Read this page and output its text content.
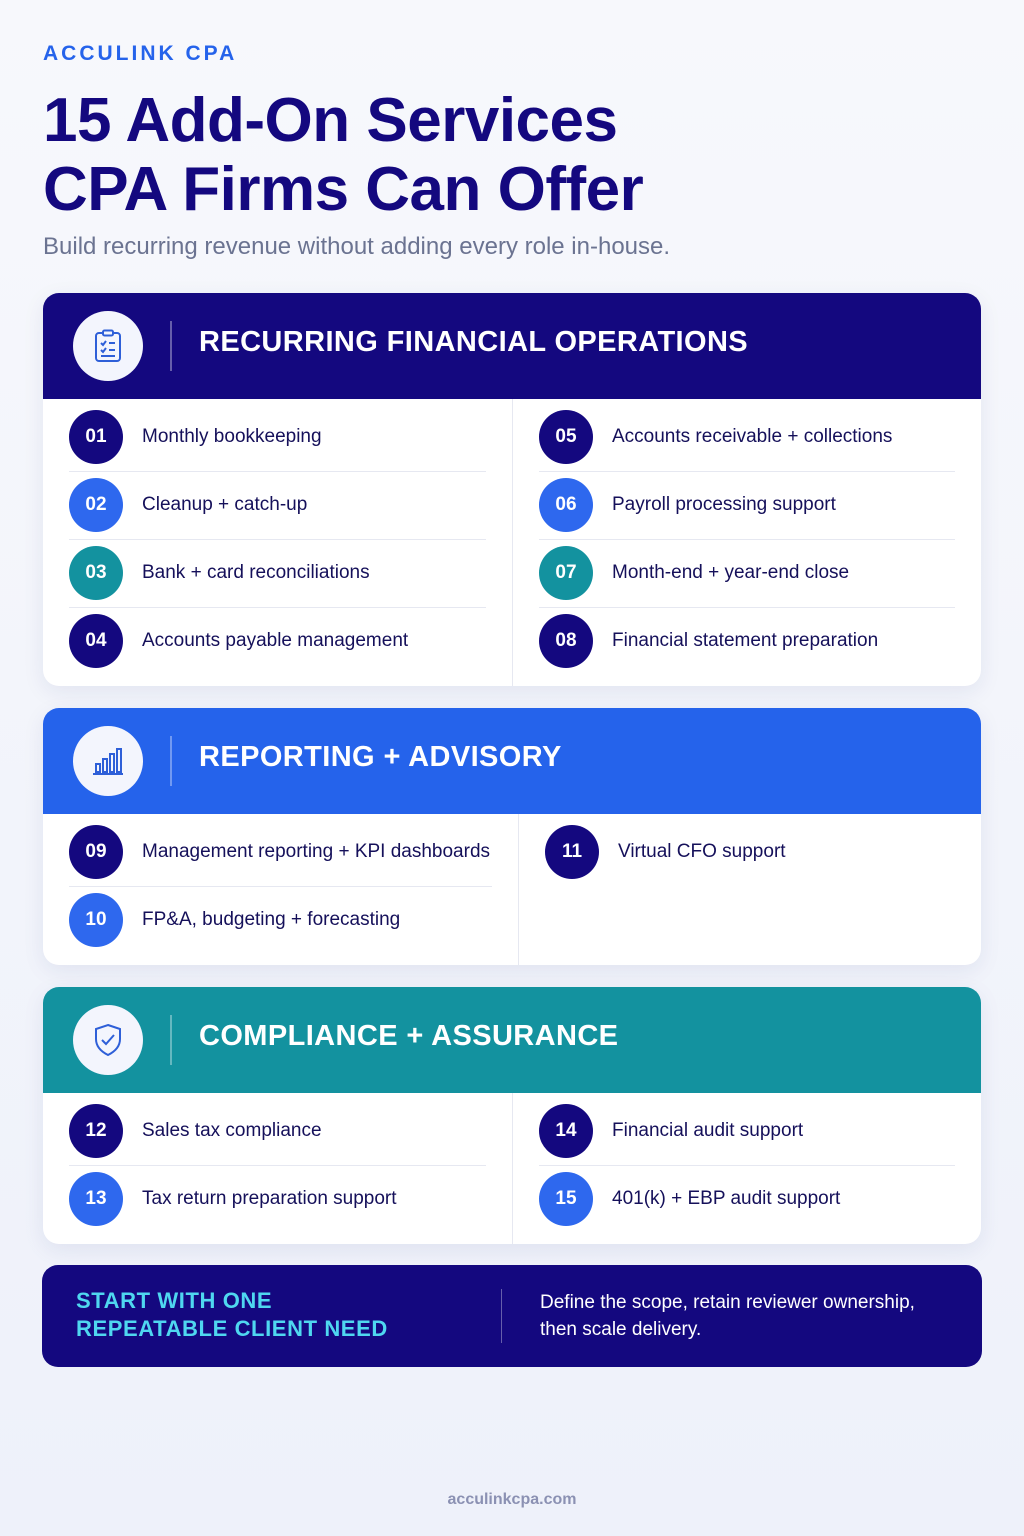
ACCULINK CPA
15 Add-On Services
CPA Firms Can Offer
Build recurring revenue without adding every role in-house.
RECURRING FINANCIAL OPERATIONS
01	Monthly bookkeeping
02	Cleanup + catch-up
03	Bank + card reconciliations
04	Accounts payable management
05	Accounts receivable + collections
06	Payroll processing support
07	Month-end + year-end close
08	Financial statement preparation
REPORTING + ADVISORY
09	Management reporting + KPI dashboards
10	FP&A, budgeting + forecasting
11	Virtual CFO support
COMPLIANCE + ASSURANCE
12	Sales tax compliance
13	Tax return preparation support
14	Financial audit support
15	401(k) + EBP audit support
START WITH ONE
REPEATABLE CLIENT NEED
Define the scope, retain reviewer ownership,
then scale delivery.
acculinkcpa.com
